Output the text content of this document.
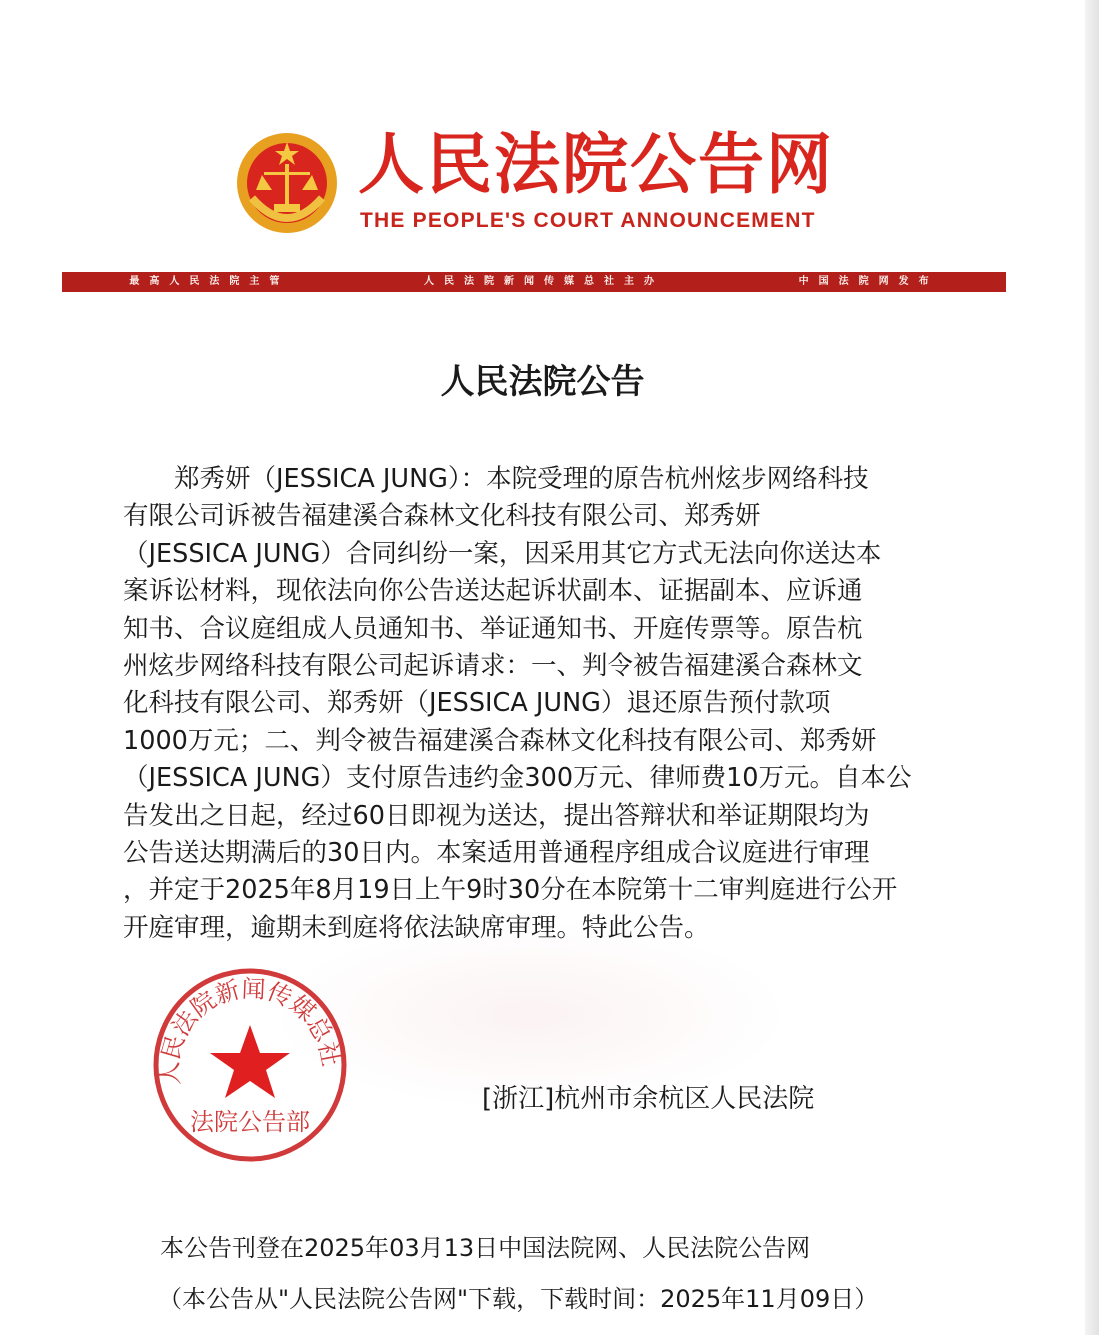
人民法院公告网
THE PEOPLE'S COURT ANNOUNCEMENT
最高人民法院主管	人民法院新闻传媒总社主办	中国法院网发布
人民法院公告
　　郑秀妍（JESSICA JUNG）：本院受理的原告杭州炫步网络科技
有限公司诉被告福建溪合森林文化科技有限公司、郑秀妍
（JESSICA JUNG）合同纠纷一案，因采用其它方式无法向你送达本
案诉讼材料，现依法向你公告送达起诉状副本、证据副本、应诉通
知书、合议庭组成人员通知书、举证通知书、开庭传票等。原告杭
州炫步网络科技有限公司起诉请求：一、判令被告福建溪合森林文
化科技有限公司、郑秀妍（JESSICA JUNG）退还原告预付款项
1000万元；二、判令被告福建溪合森林文化科技有限公司、郑秀妍
（JESSICA JUNG）支付原告违约金300万元、律师费10万元。自本公
告发出之日起，经过60日即视为送达，提出答辩状和举证期限均为
公告送达期满后的30日内。本案适用普通程序组成合议庭进行审理
，并定于2025年8月19日上午9时30分在本院第十二审判庭进行公开
开庭审理，逾期未到庭将依法缺席审理。特此公告。
[浙江]杭州市余杭区人民法院
人民法院新闻传媒总社
法院公告部
本公告刊登在2025年03月13日中国法院网、人民法院公告网
（本公告从"人民法院公告网"下载，下载时间：2025年11月09日）
